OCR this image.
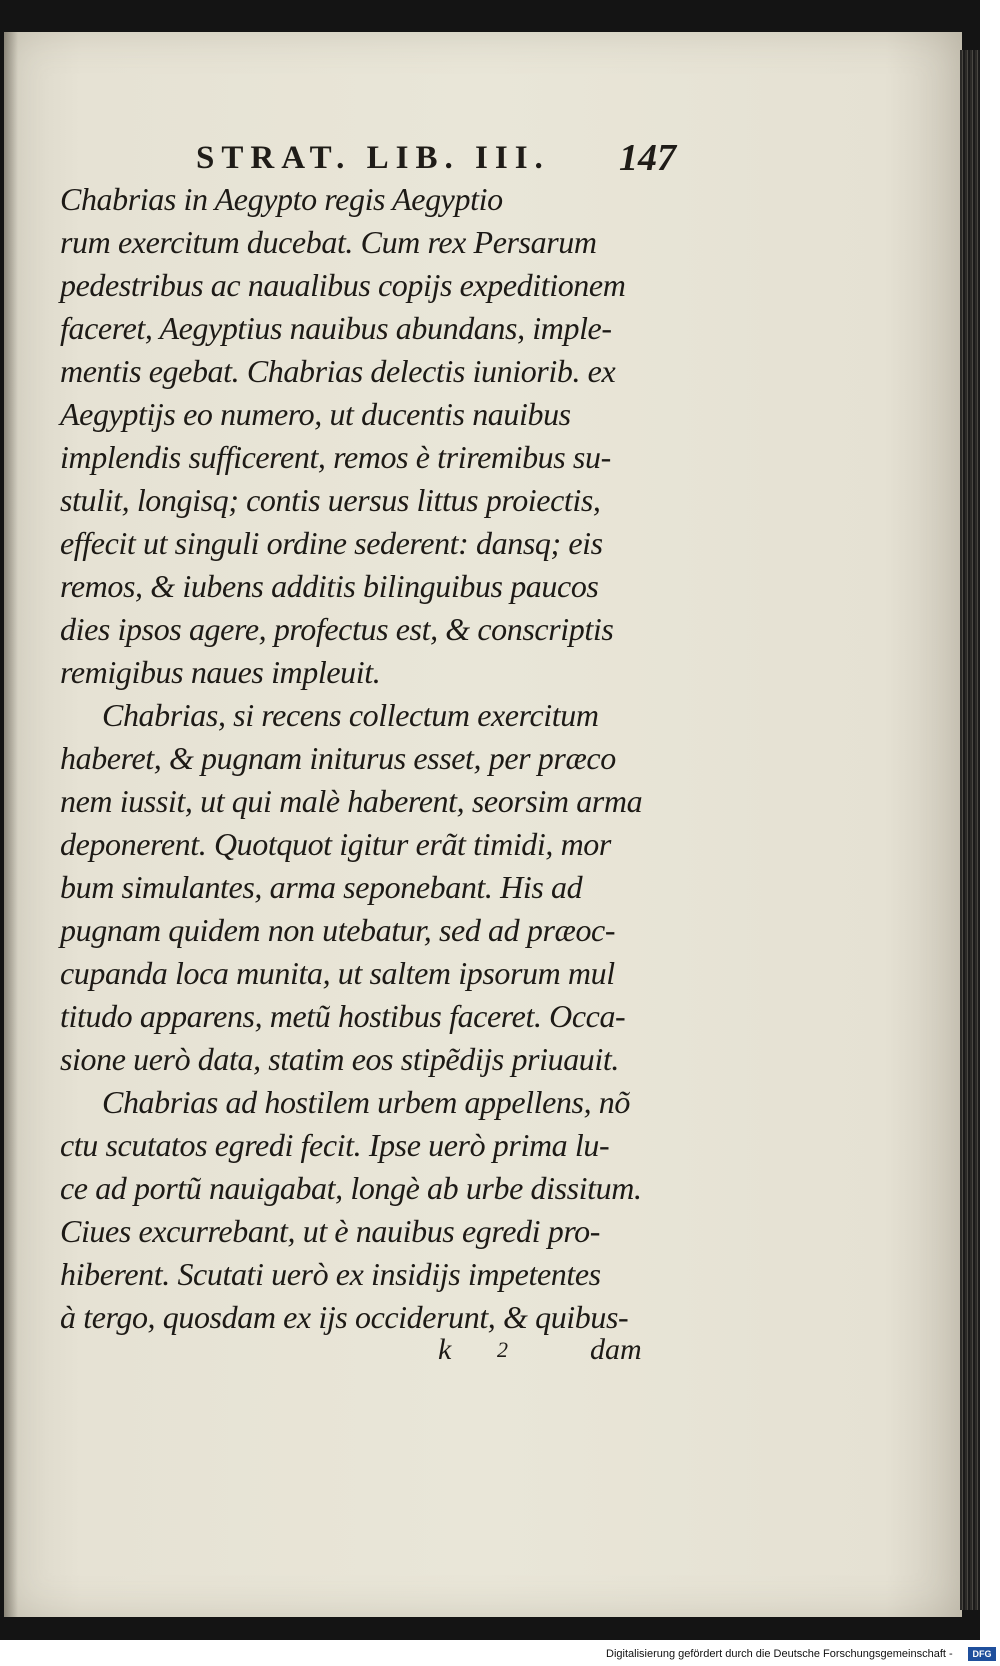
STRAT. LIB. III. 147
Chabrias in Aegypto regis Aegyptio
rum exercitum ducebat. Cum rex Persarum
pedestribus ac naualibus copijs expeditionem
faceret, Aegyptius nauibus abundans, imple-
mentis egebat. Chabrias delectis iuniorib. ex
Aegyptijs eo numero, ut ducentis nauibus
implendis sufficerent, remos è triremibus su-
stulit, longisq; contis uersus littus proiectis,
effecit ut singuli ordine sederent: dansq; eis
remos, & iubens additis bilinguibus paucos
dies ipsos agere, profectus est, & conscriptis
remigibus naues impleuit.
Chabrias, si recens collectum exercitum
haberet, & pugnam initurus esset, per præco
nem iussit, ut qui malè haberent, seorsim arma
deponerent. Quotquot igitur erãt timidi, mor
bum simulantes, arma seponebant. His ad
pugnam quidem non utebatur, sed ad præoc-
cupanda loca munita, ut saltem ipsorum mul
titudo apparens, metũ hostibus faceret. Occa-
sione uerò data, statim eos stipẽdijs priuauit.
Chabrias ad hostilem urbem appellens, nõ
ctu scutatos egredi fecit. Ipse uerò prima lu-
ce ad portũ nauigabat, longè ab urbe dissitum.
Ciues excurrebant, ut è nauibus egredi pro-
hiberent. Scutati uerò ex insidijs impetentes
à tergo, quosdam ex ijs occiderunt, & quibus-
k 2	dam
Digitalisierung gefördert durch die Deutsche Forschungsgemeinschaft -	DFG
